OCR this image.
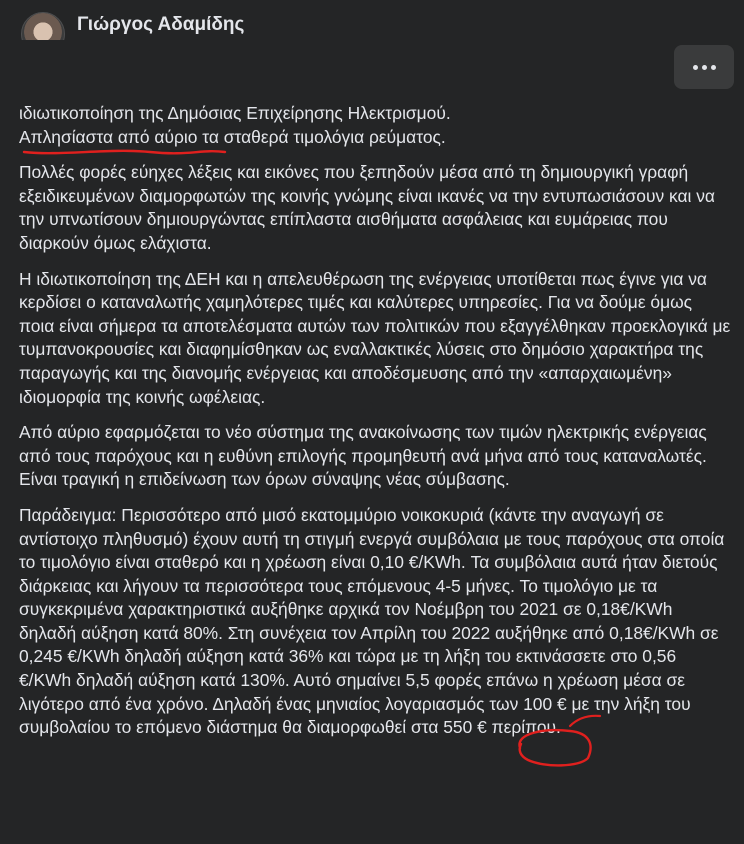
Γιώργος Αδαμίδης

ιδιωτικοποίηση της Δημόσιας Επιχείρησης Ηλεκτρισμού.

Απλησίαστα από αύριο τα σταθερά τιμολόγια ρεύματος.

Πολλές φορές εύηχες λέξεις και εικόνες που ξεπηδούν μέσα από τη δημιουργική γραφή εξειδικευμένων διαμορφωτών της κοινής γνώμης είναι ικανές να την εντυπωσιάσουν και να την υπνωτίσουν δημιουργώντας επίπλαστα αισθήματα ασφάλειας και ευμάρειας που διαρκούν όμως ελάχιστα.

Η ιδιωτικοποίηση της ΔΕΗ και η απελευθέρωση της ενέργειας υποτίθεται πως έγινε για να κερδίσει ο καταναλωτής χαμηλότερες τιμές και καλύτερες υπηρεσίες. Για να δούμε όμως ποια είναι σήμερα τα αποτελέσματα αυτών των πολιτικών που εξαγγέλθηκαν προεκλογικά με τυμπανοκρουσίες και διαφημίσθηκαν ως εναλλακτικές λύσεις στο δημόσιο χαρακτήρα της παραγωγής και της διανομής ενέργειας και αποδέσμευσης από την «απαρχαιωμένη» ιδιομορφία της κοινής ωφέλειας.

Από αύριο εφαρμόζεται το νέο σύστημα της ανακοίνωσης των τιμών ηλεκτρικής ενέργειας από τους παρόχους και η ευθύνη επιλογής προμηθευτή ανά μήνα από τους καταναλωτές. Είναι τραγική η επιδείνωση των όρων σύναψης νέας σύμβασης.

Παράδειγμα: Περισσότερο από μισό εκατομμύριο νοικοκυριά (κάντε την αναγωγή σε αντίστοιχο πληθυσμό) έχουν αυτή τη στιγμή ενεργά συμβόλαια με τους παρόχους στα οποία το τιμολόγιο είναι σταθερό και η χρέωση είναι 0,10 €/KWh. Τα συμβόλαια αυτά ήταν διετούς διάρκειας και λήγουν τα περισσότερα τους επόμενους 4-5 μήνες. Το τιμολόγιο με τα συγκεκριμένα χαρακτηριστικά αυξήθηκε αρχικά τον Νοέμβρη του 2021 σε 0,18€/KWh δηλαδή αύξηση κατά 80%. Στη συνέχεια τον Απρίλη του 2022 αυξήθηκε από 0,18€/KWh σε 0,245 €/KWh δηλαδή αύξηση κατά 36% και τώρα με τη λήξη του εκτινάσσετε στο 0,56 €/KWh δηλαδή αύξηση κατά 130%. Αυτό σημαίνει 5,5 φορές επάνω η χρέωση μέσα σε λιγότερο από ένα χρόνο. Δηλαδή ένας μηνιαίος λογαριασμός των 100 € με την λήξη του συμβολαίου το επόμενο διάστημα θα διαμορφωθεί στα 550 € περίπου.
